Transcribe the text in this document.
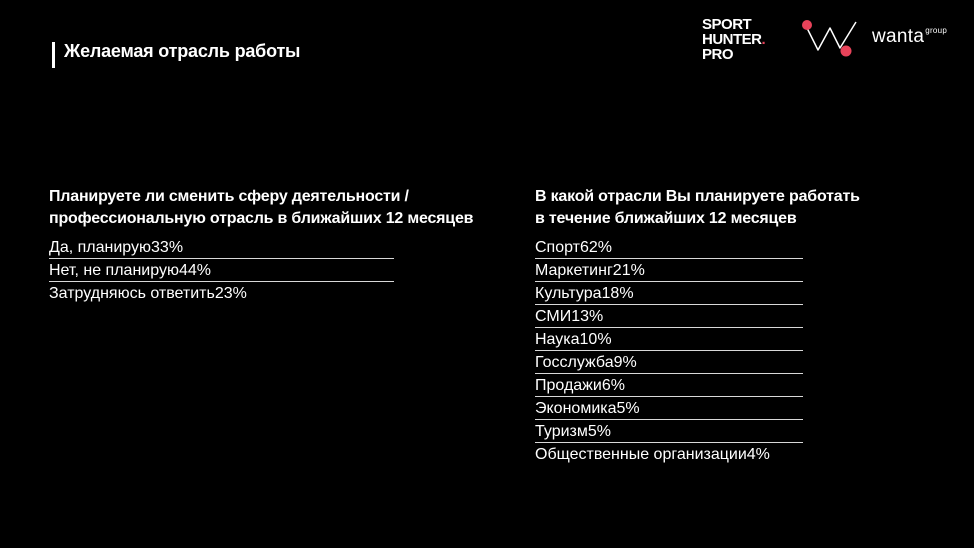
Желаемая отрасль работы
SPORT
HUNTER.
PRO
wanta$^{group}$
Планируете ли сменить сферу деятельности /
профессиональную отрасль в ближайших 12 месяцев
Да, планирую33%
Нет, не планирую44%
Затрудняюсь ответить23%
В какой отрасли Вы планируете работать
в течение ближайших 12 месяцев
Спорт62%
Маркетинг21%
Культура18%
СМИ13%
Наука10%
Госслужба9%
Продажи6%
Экономика5%
Туризм5%
Общественные организации4%
